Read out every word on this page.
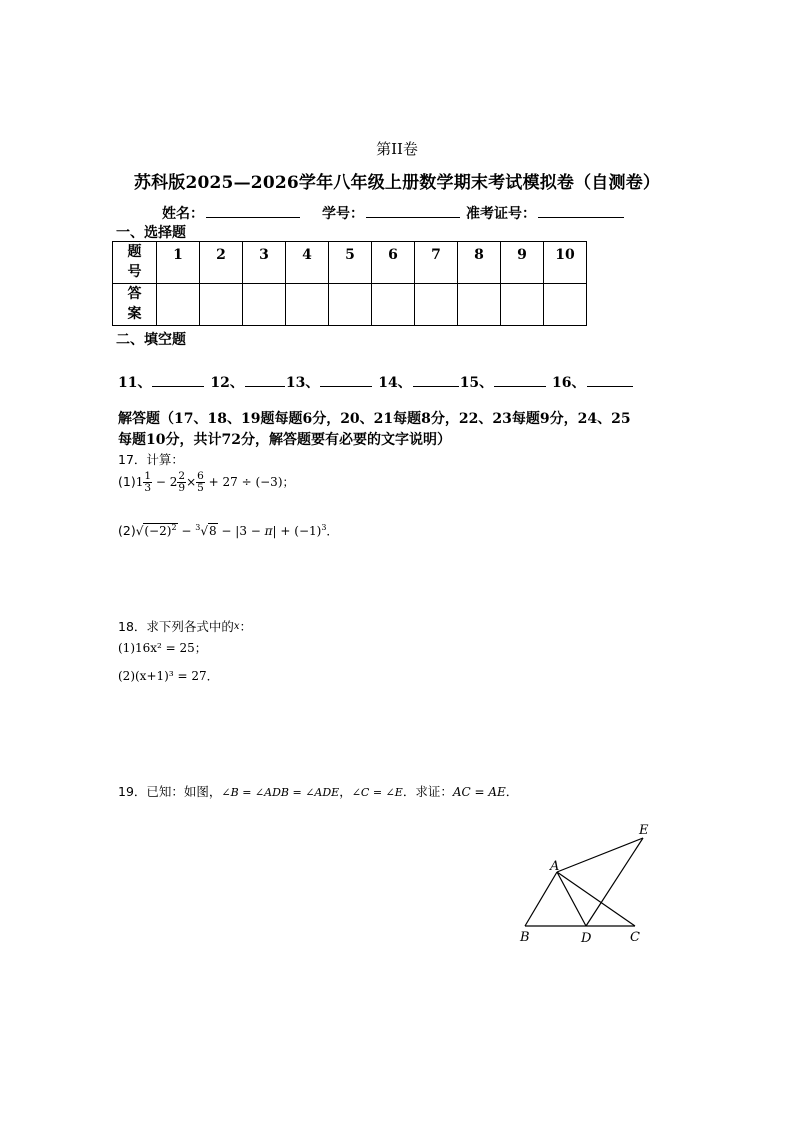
第II卷
苏科版2025—2026学年八年级上册数学期末考试模拟卷（自测卷）
姓名：	学号：	准考证号：
一、选择题
题
号	1	2	3	4	5	6	7	8	9	10

答
案										

二、填空题
11、	12、	13、	14、	15、	16、
解答题（17、18、19题每题6分，20、21每题8分，22、23每题9分，24、25
每题10分，共计72分，解答题要有必要的文字说明）
17．计算：
$(1)1 \frac{1}{3} - 2 \frac{2}{9} \times \frac{6}{5} + 27 \div (-3)$；
$(2)√(-2)^2 - ^3√8 - |3 - \pi| + (-1)^3$．
18．求下列各式中的x：
(1)16x² = 25；
(2)(x+1)³ = 27．
19．已知：如图，∠B = ∠ADB = ∠ADE，∠C = ∠E．求证：AC = AE．
A
B	C
D
E
